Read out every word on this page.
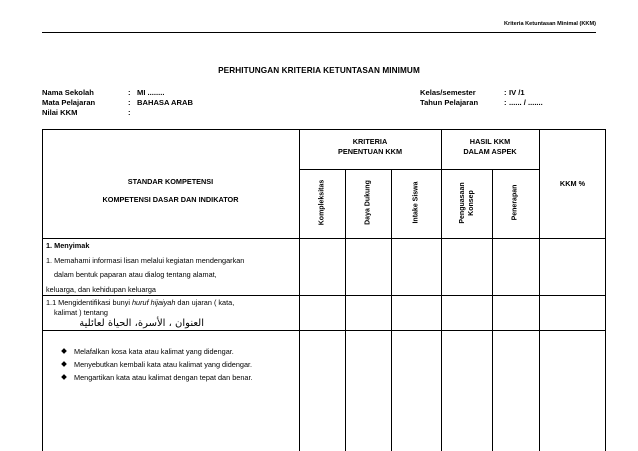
Kriteria Ketuntasan Minimal (KKM)
PERHITUNGAN KRITERIA KETUNTASAN MINIMUM
Nama Sekolah	: MI ........
Mata Pelajaran	: BAHASA ARAB
Nilai KKM	:
Kelas/semester	: IV /1
Tahun Pelajaran	: ...... / .......
STANDAR KOMPETENSI
KOMPETENSI DASAR DAN INDIKATOR
KRITERIA
PENENTUAN KKM
HASIL KKM
DALAM ASPEK
KKM %
Kompleksitas	Daya Dukung	Intake Siswa	Penguasaan Konsep	Penerapan
1. Menyimak
1. Memahami informasi lisan melalui kegiatan mendengarkan
dalam bentuk paparan atau dialog tentang alamat,
keluarga, dan kehidupan keluarga
1.1 Mengidentifikasi bunyi huruf hijaiyah dan ujaran ( kata,
kalimat ) tentang
العنوان ، الأسرة، الحياة لعائلية
Melafalkan kosa kata atau kalimat yang didengar.
Menyebutkan kembali kata atau kalimat yang didengar.
Mengartikan kata atau kalimat dengan tepat dan benar.
